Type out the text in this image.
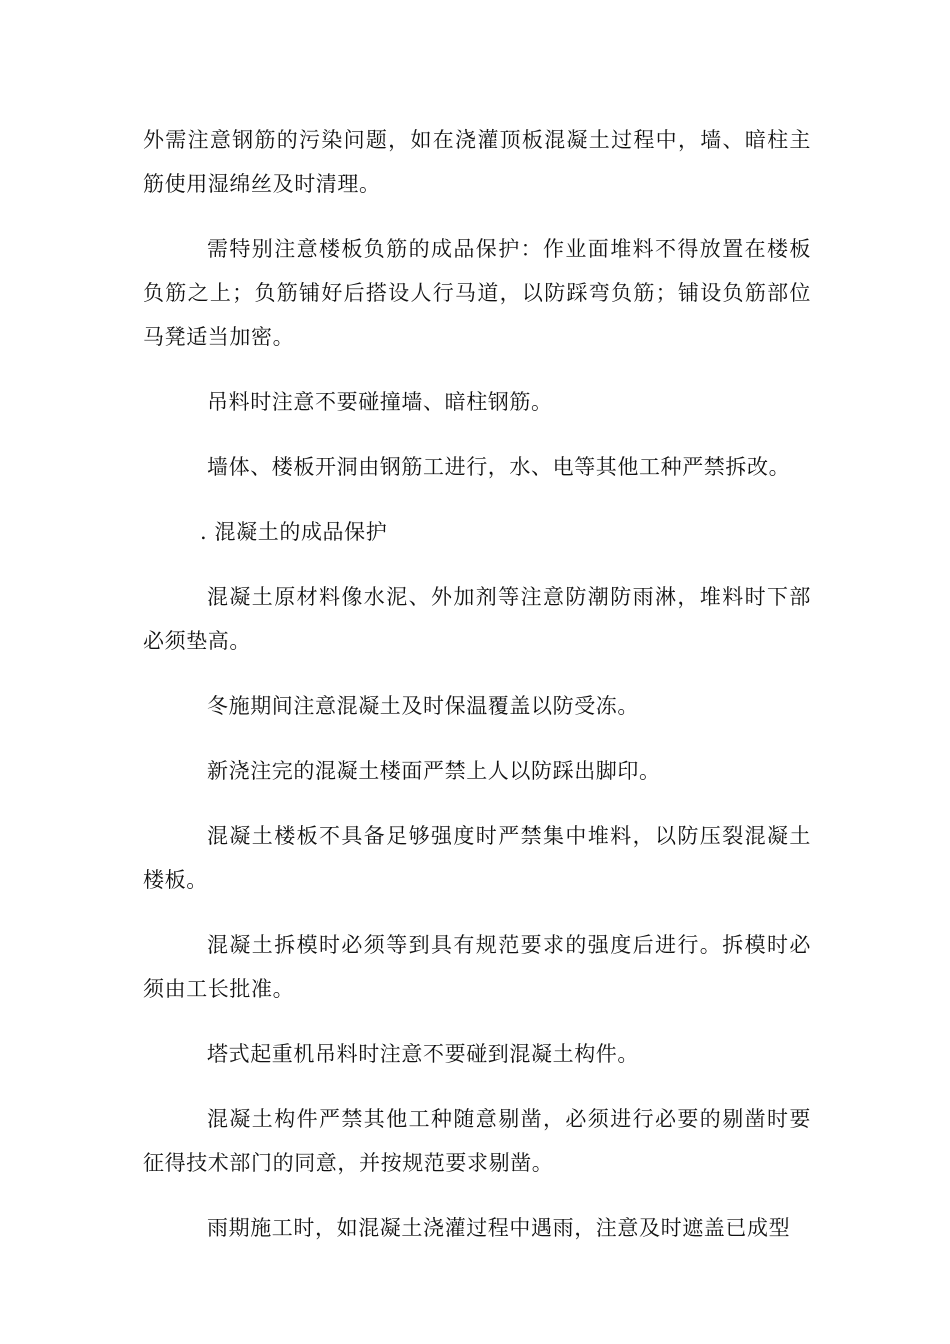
外需注意钢筋的污染问题，如在浇灌顶板混凝土过程中，墙、暗柱主筋使用湿绵丝及时清理。

需特别注意楼板负筋的成品保护：作业面堆料不得放置在楼板负筋之上；负筋铺好后搭设人行马道，以防踩弯负筋；铺设负筋部位马凳适当加密。

吊料时注意不要碰撞墙、暗柱钢筋。

墙体、楼板开洞由钢筋工进行，水、电等其他工种严禁拆改。

. 混凝土的成品保护

混凝土原材料像水泥、外加剂等注意防潮防雨淋，堆料时下部必须垫高。

冬施期间注意混凝土及时保温覆盖以防受冻。

新浇注完的混凝土楼面严禁上人以防踩出脚印。

混凝土楼板不具备足够强度时严禁集中堆料，以防压裂混凝土楼板。

混凝土拆模时必须等到具有规范要求的强度后进行。拆模时必须由工长批准。

塔式起重机吊料时注意不要碰到混凝土构件。

混凝土构件严禁其他工种随意剔凿，必须进行必要的剔凿时要征得技术部门的同意，并按规范要求剔凿。

雨期施工时，如混凝土浇灌过程中遇雨，注意及时遮盖已成型
